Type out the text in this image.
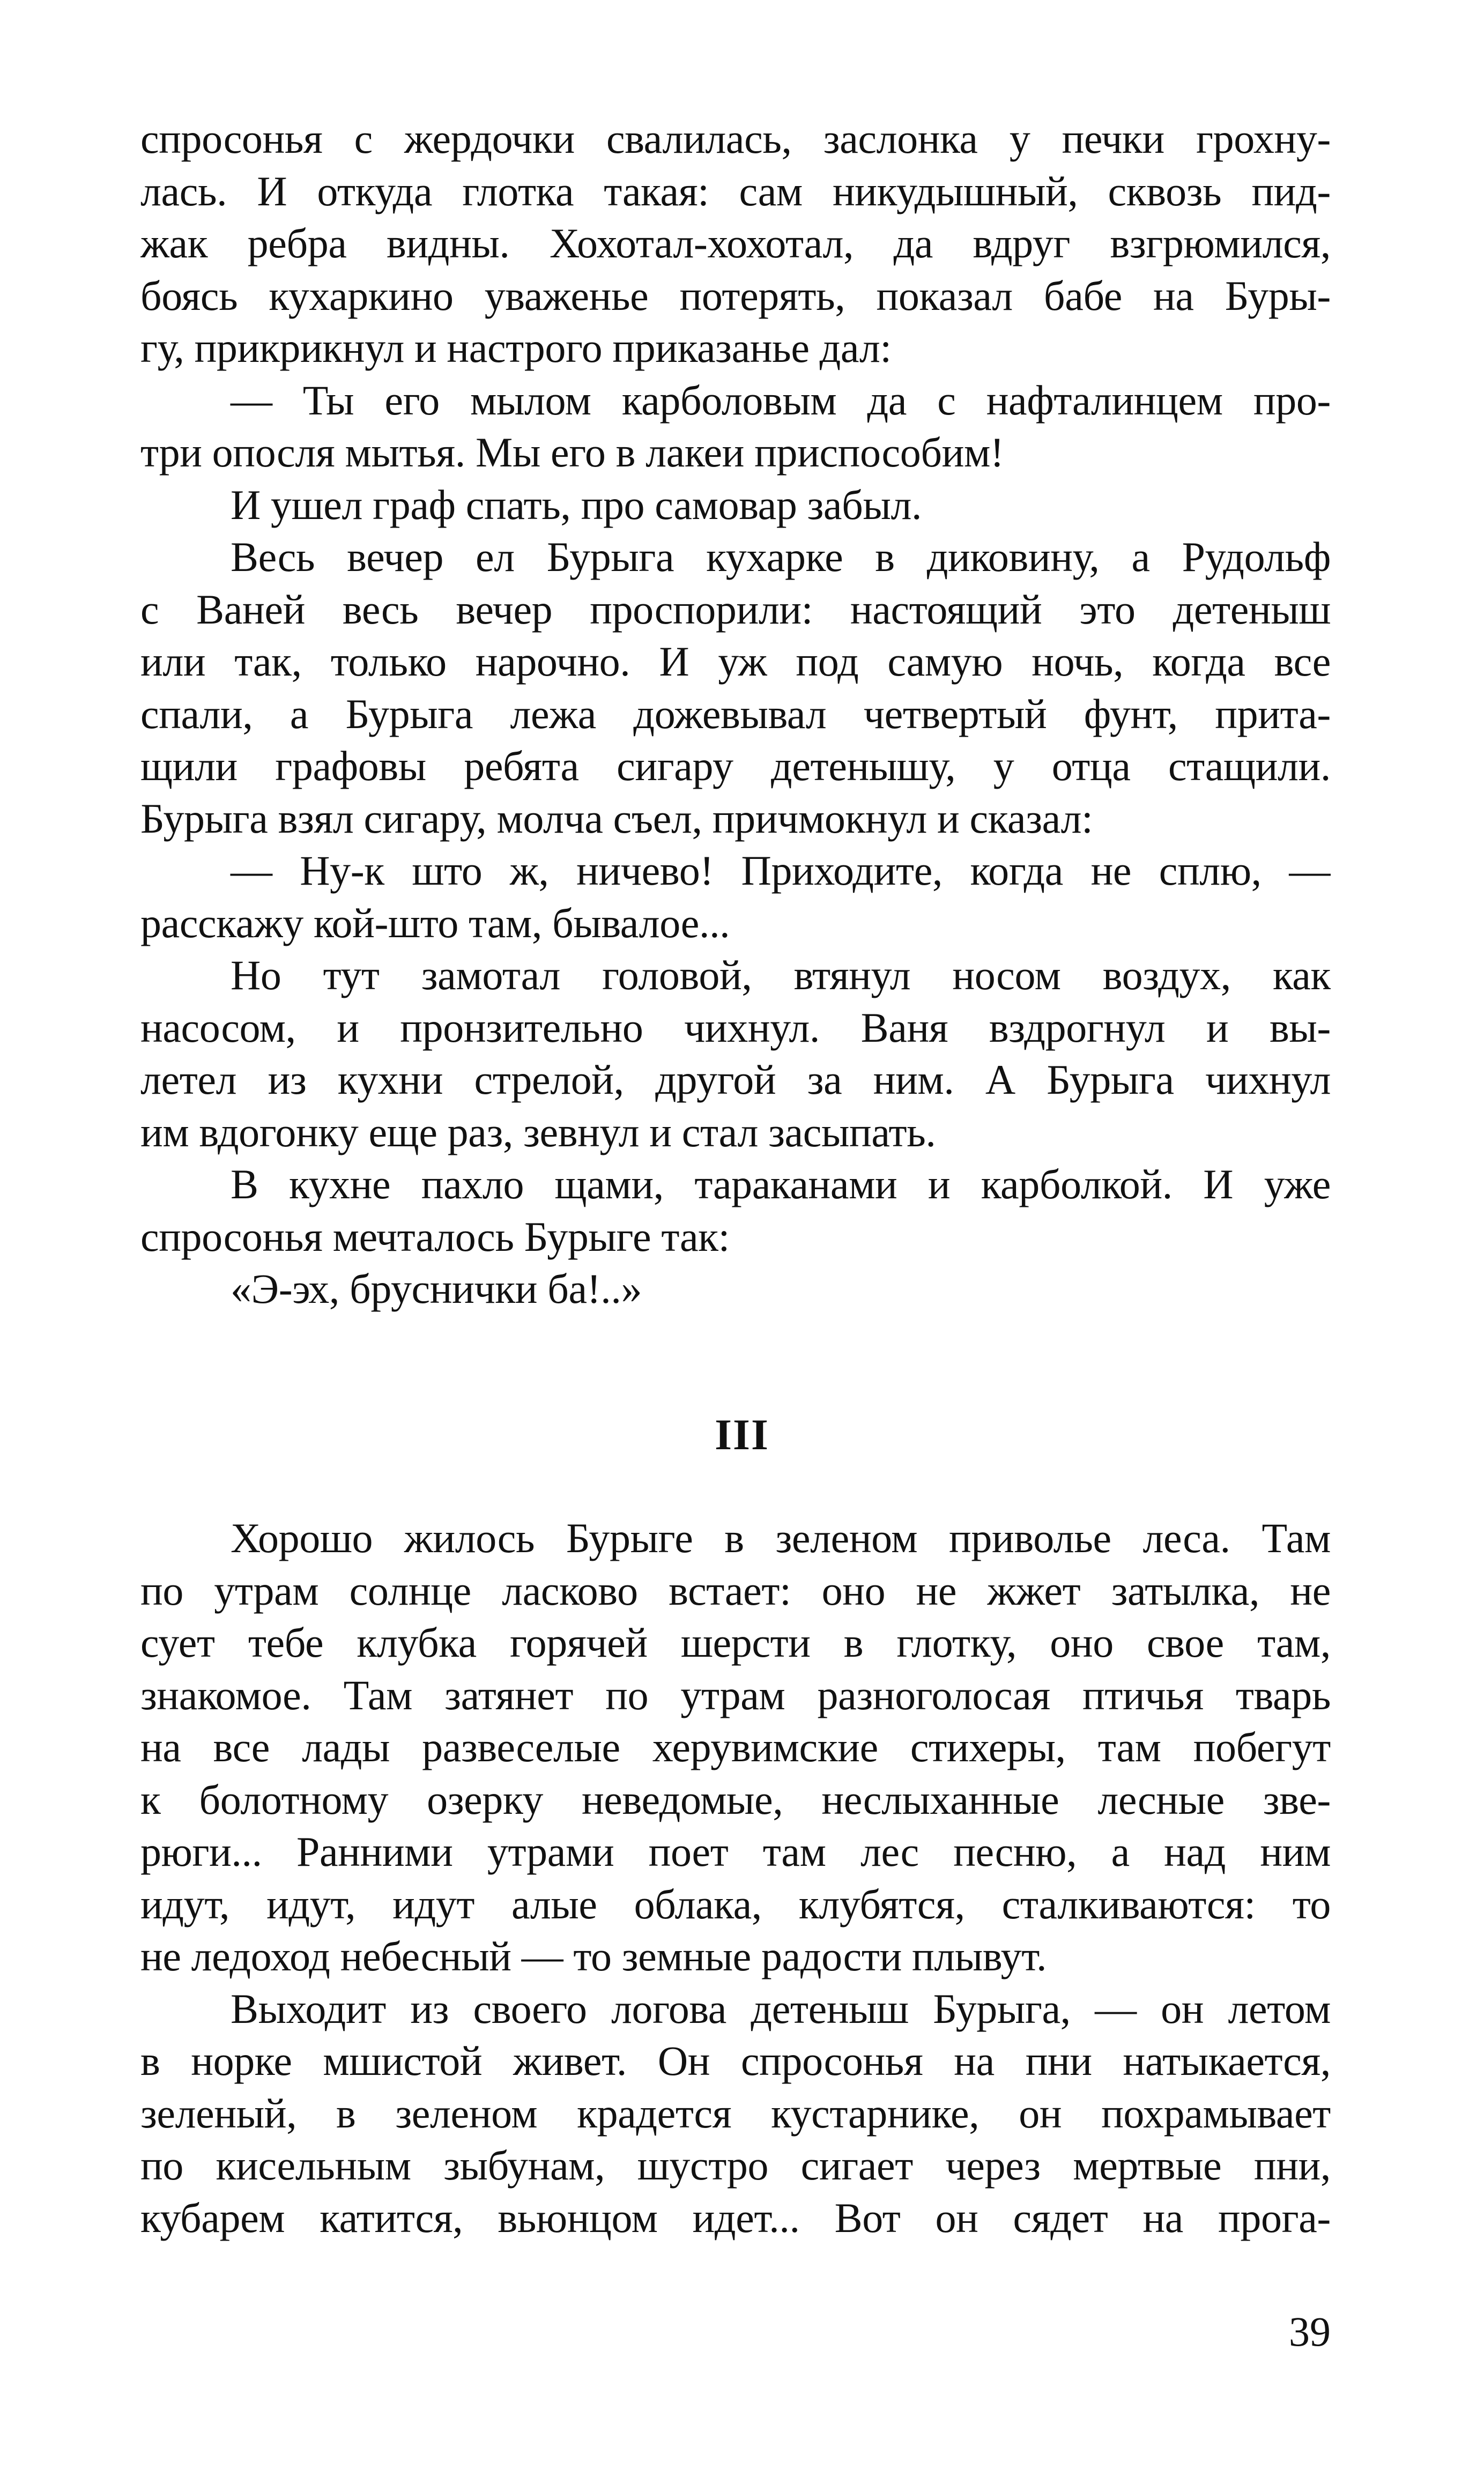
спросонья с жердочки свалилась, заслонка у печки грохну-
лась. И откуда глотка такая: сам никудышный, сквозь пид-
жак ребра видны. Хохотал-хохотал, да вдруг взгрюмился,
боясь кухаркино уваженье потерять, показал бабе на Буры-
гу, прикрикнул и настрого приказанье дал:
— Ты его мылом карболовым да с нафталинцем про-
три опосля мытья. Мы его в лакеи приспособим!
И ушел граф спать, про самовар забыл.
Весь вечер ел Бурыга кухарке в диковину, а Рудольф
с Ваней весь вечер проспорили: настоящий это детеныш
или так, только нарочно. И уж под самую ночь, когда все
спали, а Бурыга лежа дожевывал четвертый фунт, прита-
щили графовы ребята сигару детенышу, у отца стащили.
Бурыга взял сигару, молча съел, причмокнул и сказал:
— Ну-к што ж, ничево! Приходите, когда не сплю, —
расскажу кой-што там, бывалое...
Но тут замотал головой, втянул носом воздух, как
насосом, и пронзительно чихнул. Ваня вздрогнул и вы-
летел из кухни стрелой, другой за ним. А Бурыга чихнул
им вдогонку еще раз, зевнул и стал засыпать.
В кухне пахло щами, тараканами и карболкой. И уже
спросонья мечталось Бурыге так:
«Э-эх, бруснички ба!..»
III
Хорошо жилось Бурыге в зеленом приволье леса. Там
по утрам солнце ласково встает: оно не жжет затылка, не
сует тебе клубка горячей шерсти в глотку, оно свое там,
знакомое. Там затянет по утрам разноголосая птичья тварь
на все лады развеселые херувимские стихеры, там побегут
к болотному озерку неведомые, неслыханные лесные зве-
рюги... Ранними утрами поет там лес песню, а над ним
идут, идут, идут алые облака, клубятся, сталкиваются: то
не ледоход небесный — то земные радости плывут.
Выходит из своего логова детеныш Бурыга, — он летом
в норке мшистой живет. Он спросонья на пни натыкается,
зеленый, в зеленом крадется кустарнике, он похрамывает
по кисельным зыбунам, шустро сигает через мертвые пни,
кубарем катится, вьюнцом идет... Вот он сядет на прога-
39
